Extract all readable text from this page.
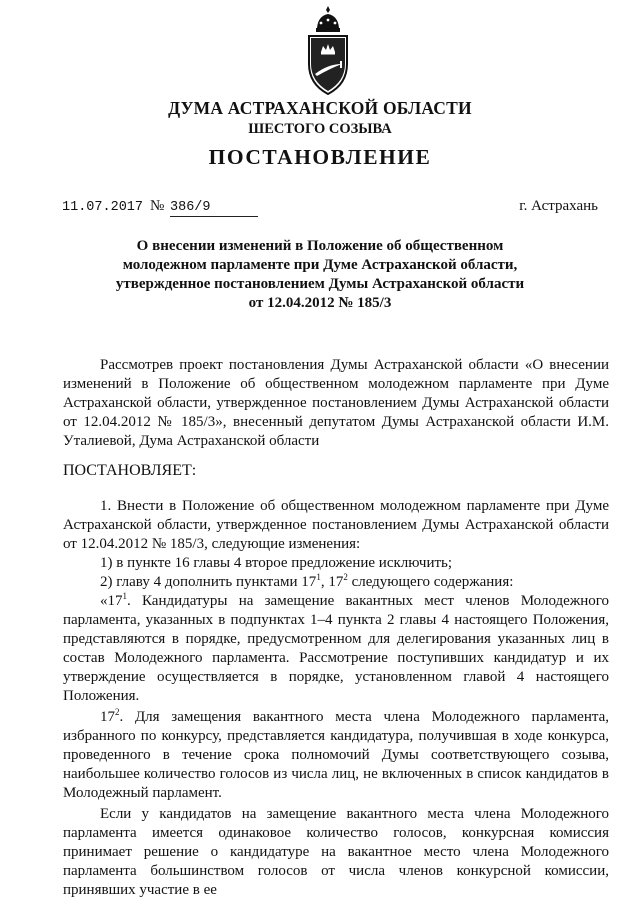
ДУМА АСТРАХАНСКОЙ ОБЛАСТИ
ШЕСТОГО СОЗЫВА
ПОСТАНОВЛЕНИЕ
11.07.2017 № 386/9	г. Астрахань
О внесении изменений в Положение об общественном
молодежном парламенте при Думе Астраханской области,
утвержденное постановлением Думы Астраханской области
от 12.04.2012 № 185/3

Рассмотрев проект постановления Думы Астраханской области «О внесении изменений в Положение об общественном молодежном парламенте при Думе Астраханской области, утвержденное постановлением Думы Астраханской области от 12.04.2012 № 185/3», внесенный депутатом Думы Астраханской области И.М. Уталиевой, Дума Астраханской области

ПОСТАНОВЛЯЕТ:

1. Внести в Положение об общественном молодежном парламенте при Думе Астраханской области, утвержденное постановлением Думы Астраханской области от 12.04.2012 № 185/3, следующие изменения:

1) в пункте 16 главы 4 второе предложение исключить;

2) главу 4 дополнить пунктами $17^1$, $17^2$ следующего содержания:

«$17^1$. Кандидатуры на замещение вакантных мест членов Молодежного парламента, указанных в подпунктах 1–4 пункта 2 главы 4 настоящего Положения, представляются в порядке, предусмотренном для делегирования указанных лиц в состав Молодежного парламента. Рассмотрение поступивших кандидатур и их утверждение осуществляется в порядке, установленном главой 4 настоящего Положения.

$17^2$. Для замещения вакантного места члена Молодежного парламента, избранного по конкурсу, представляется кандидатура, получившая в ходе конкурса, проведенного в течение срока полномочий Думы соответствующего созыва, наибольшее количество голосов из числа лиц, не включенных в список кандидатов в Молодежный парламент.

Если у кандидатов на замещение вакантного места члена Молодежного парламента имеется одинаковое количество голосов, конкурсная комиссия принимает решение о кандидатуре на вакантное место члена Молодежного парламента большинством голосов от числа членов конкурсной комиссии, принявших участие в ее
